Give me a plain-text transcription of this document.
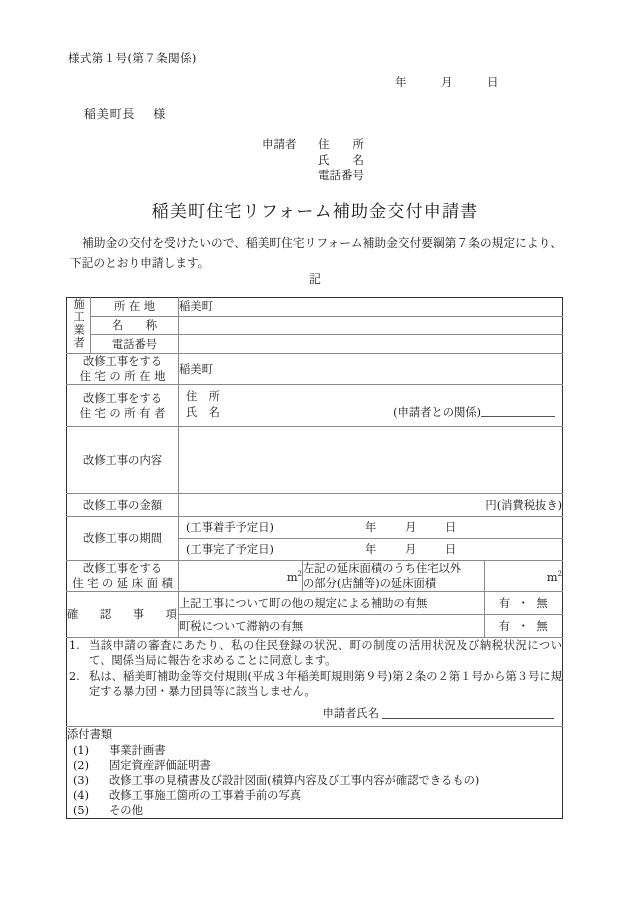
様式第１号(第７条関係)
年	月	日
稲美町長 様
申請者 住　　所
氏　　名
電話番号
稲美町住宅リフォーム補助金交付申請書
補助金の交付を受けたいので、稲美町住宅リフォーム補助金交付要綱第７条の規定により、下記のとおり申請します。
記
施工業者	所 在 地	稲美町		
	名　　称			
	電話番号			
改修工事をする
住 宅 の 所 在 地		稲美町		
改修工事をする
住 宅 の 所 有 者	
住　所
氏　名	(申請者との関係)

改修工事の内容				
改修工事の金額		円(消費税抜き)		
改修工事の期間		(工事着手予定日) 年 月 日		

		(工事完了予定日) 年 月 日		

改修工事をする
住 宅 の 延 床 面 積		$m^2$	左記の延床面積のうち住宅以外
の部分(店舗等)の延床面積	$m^2$
確 認 事 項		上記工事について町の他の規定による補助の有無		有 ・ 無
		町税について滞納の有無		有 ・ 無

1. 当該申請の審査にあたり、私の住民登録の状況、町の制度の活用状況及び納税状況について、関係当局に報告を求めることに同意します。
2. 私は、稲美町補助金等交付規則(平成３年稲美町規則第９号)第２条の２第１号から第３号に規定する暴力団・暴力団員等に該当しません。
申請者氏名				

添付書類
(1) 事業計画書
(2) 固定資産評価証明書
(3) 改修工事の見積書及び設計図面(積算内容及び工事内容が確認できるもの)
(4) 改修工事施工箇所の工事着手前の写真
(5) その他
